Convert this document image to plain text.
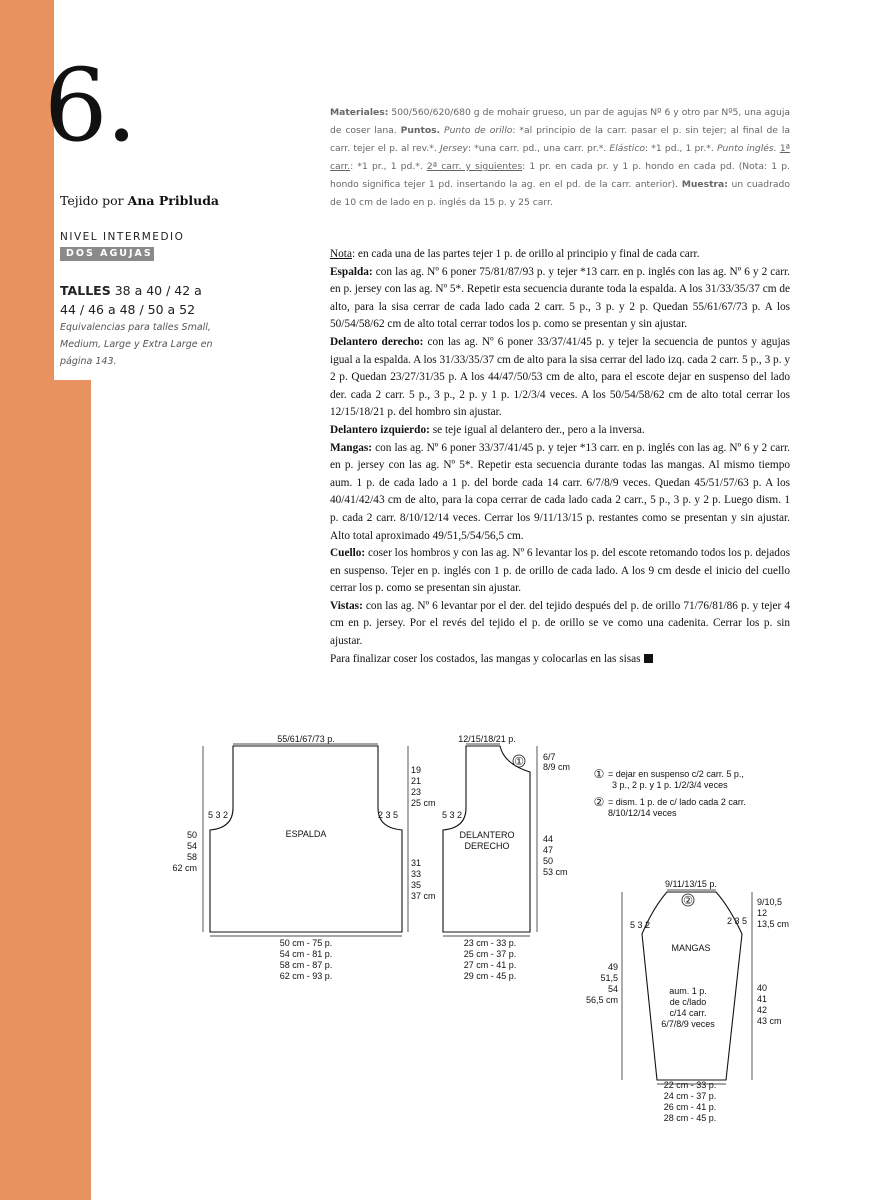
6.
Tejido por Ana Pribluda
NIVEL INTERMEDIO
DOS AGUJAS
TALLES 38 a 40 / 42 a 44 / 46 a 48 / 50 a 52
Equivalencias para talles Small, Medium, Large y Extra Large en página 143.
Materiales: 500/560/620/680 g de mohair grueso, un par de agujas Nº 6 y otro par Nº5, una aguja de coser lana. Puntos. Punto de orillo: *al principio de la carr. pasar el p. sin tejer; al final de la carr. tejer el p. al rev.*. Jersey: *una carr. pd., una carr. pr.*. Elástico: *1 pd., 1 pr.*. Punto inglés. 1ª carr.: *1 pr., 1 pd.*. 2ª carr. y siguientes: 1 pr. en cada pr. y 1 p. hondo en cada pd. (Nota: 1 p. hondo significa tejer 1 pd. insertando la ag. en el pd. de la carr. anterior). Muestra: un cuadrado de 10 cm de lado en p. inglés da 15 p. y 25 carr.

Nota: en cada una de las partes tejer 1 p. de orillo al principio y final de cada carr.

Espalda: con las ag. Nº 6 poner 75/81/87/93 p. y tejer *13 carr. en p. inglés con las ag. Nº 6 y 2 carr. en p. jersey con las ag. Nº 5*. Repetir esta secuencia durante toda la espalda. A los 31/33/35/37 cm de alto, para la sisa cerrar de cada lado cada 2 carr. 5 p., 3 p. y 2 p. Quedan 55/61/67/73 p. A los 50/54/58/62 cm de alto total cerrar todos los p. como se presentan y sin ajustar.

Delantero derecho: con las ag. Nº 6 poner 33/37/41/45 p. y tejer la secuencia de puntos y agujas igual a la espalda. A los 31/33/35/37 cm de alto para la sisa cerrar del lado izq. cada 2 carr. 5 p., 3 p. y 2 p. Quedan 23/27/31/35 p. A los 44/47/50/53 cm de alto, para el escote dejar en suspenso del lado der. cada 2 carr. 5 p., 3 p., 2 p. y 1 p. 1/2/3/4 veces. A los 50/54/58/62 cm de alto total cerrar los 12/15/18/21 p. del hombro sin ajustar.

Delantero izquierdo: se teje igual al delantero der., pero a la inversa.

Mangas: con las ag. Nº 6 poner 33/37/41/45 p. y tejer *13 carr. en p. inglés con las ag. Nº 6 y 2 carr. en p. jersey con las ag. Nº 5*. Repetir esta secuencia durante todas las mangas. Al mismo tiempo aum. 1 p. de cada lado a 1 p. del borde cada 14 carr. 6/7/8/9 veces. Quedan 45/51/57/63 p. A los 40/41/42/43 cm de alto, para la copa cerrar de cada lado cada 2 carr., 5 p., 3 p. y 2 p. Luego dism. 1 p. cada 2 carr. 8/10/12/14 veces. Cerrar los 9/11/13/15 p. restantes como se presentan y sin ajustar. Alto total aproximado 49/51,5/54/56,5 cm.

Cuello: coser los hombros y con las ag. Nº 6 levantar los p. del escote retomando todos los p. dejados en suspenso. Tejer en p. inglés con 1 p. de orillo de cada lado. A los 9 cm desde el inicio del cuello cerrar los p. como se presentan sin ajustar.

Vistas: con las ag. Nº 6 levantar por el der. del tejido después del p. de orillo 71/76/81/86 p. y tejer 4 cm en p. jersey. Por el revés del tejido el p. de orillo se ve como una cadenita. Cerrar los p. sin ajustar.

Para finalizar coser los costados, las mangas y colocarlas en las sisas

55/61/67/73 p.
50
54
58
62 cm
5 3 2	2 3 5
ESPALDA
19
21
23
25 cm
31
33
35
37 cm
50 cm - 75 p.
54 cm - 81 p.
58 cm - 87 p.
62 cm - 93 p.
12/15/18/21 p.
6/7
8/9 cm
①
5 3 2
DELANTERO
DERECHO
44
47
50
53 cm
23 cm - 33 p.
25 cm - 37 p.
27 cm - 41 p.
29 cm - 45 p.
① = dejar en suspenso c/2 carr. 5 p.,
3 p., 2 p. y 1 p. 1/2/3/4 veces
② = dism. 1 p. de c/ lado cada 2 carr.
8/10/12/14 veces
9/11/13/15 p.
②
5 3 2	2 3 5
9/10,5
12
13,5 cm
MANGAS
49
51,5
54
56,5 cm
aum. 1 p.
de c/lado
c/14 carr.
6/7/8/9 veces
40
41
42
43 cm
22 cm - 33 p.
24 cm - 37 p.
26 cm - 41 p.
28 cm - 45 p.
